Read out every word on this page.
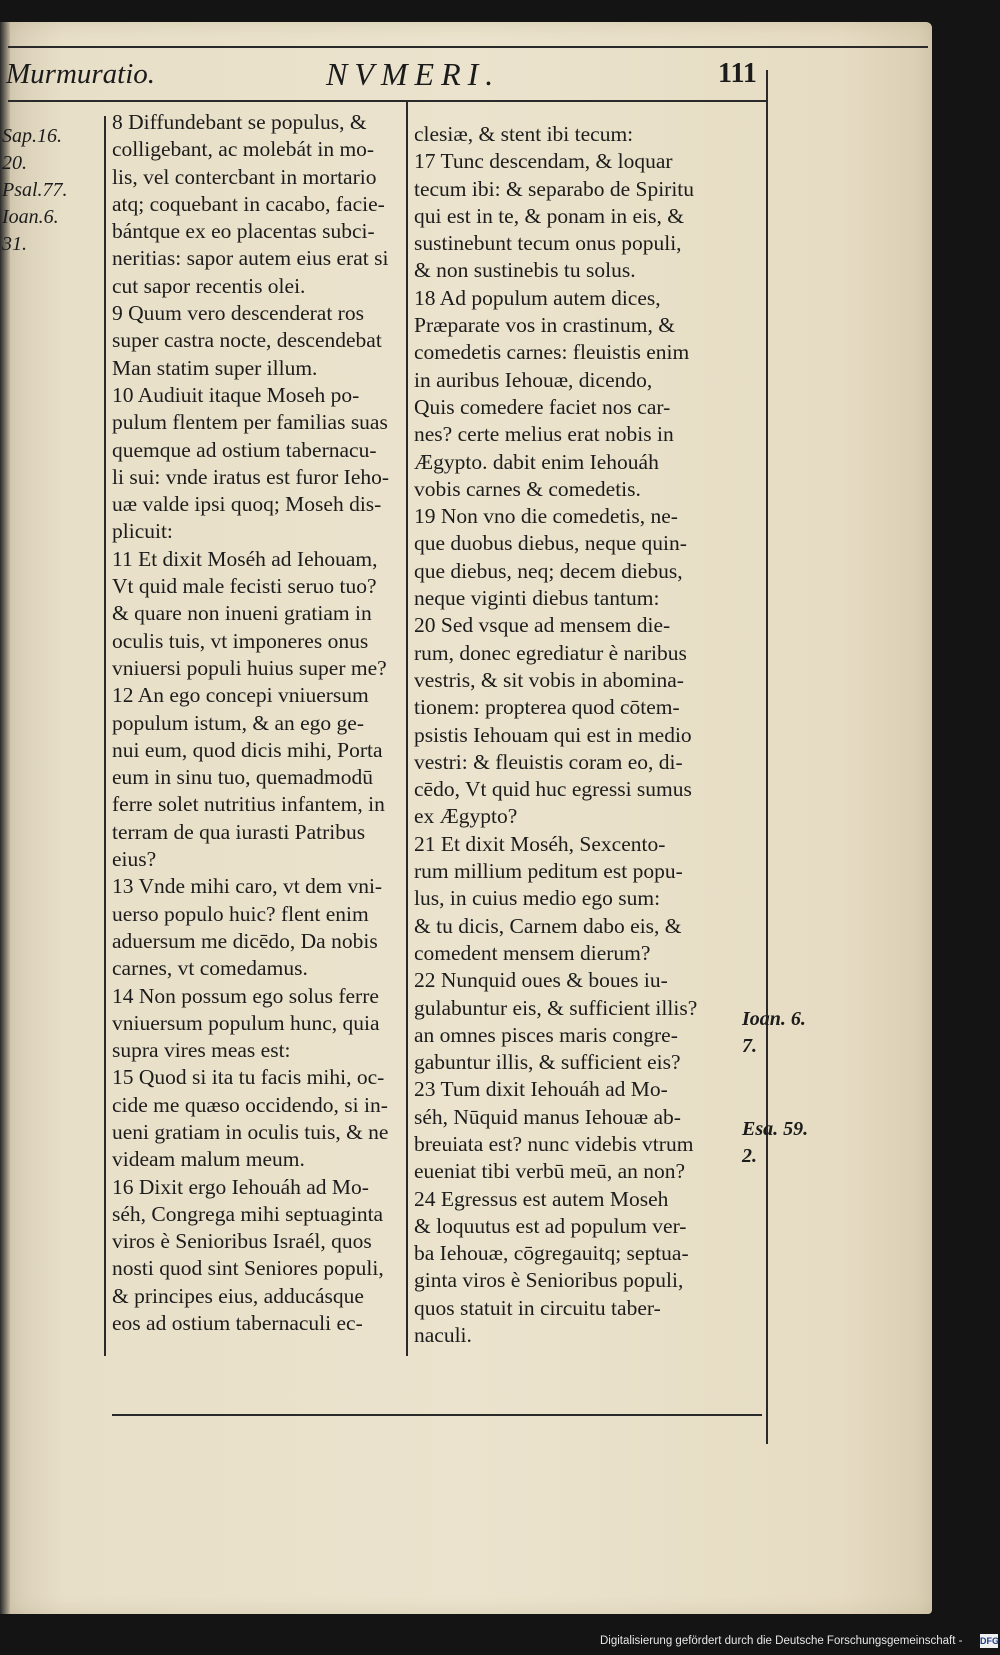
Murmuratio.	NVMERI.	111
Sap.16.
20.
Psal.77.
Ioan.6.
31.
Ioan. 6.
7.
Esa. 59.
2.
8 Diffundebant se populus, &
colligebant, ac molebát in mo-
lis, vel contercbant in mortario
atq; coquebant in cacabo, facie-
bántque ex eo placentas subci-
neritias: sapor autem eius erat si
cut sapor recentis olei.
9 Quum vero descenderat ros
super castra nocte, descendebat
Man statim super illum.
10 Audiuit itaque Moseh po-
pulum flentem per familias suas
quemque ad ostium tabernacu-
li sui: vnde iratus est furor Ieho-
uæ valde ipsi quoq; Moseh dis-
plicuit:
11 Et dixit Moséh ad Iehouam,
Vt quid male fecisti seruo tuo?
& quare non inueni gratiam in
oculis tuis, vt imponeres onus
vniuersi populi huius super me?
12 An ego concepi vniuersum
populum istum, & an ego ge-
nui eum, quod dicis mihi, Porta
eum in sinu tuo, quemadmodū
ferre solet nutritius infantem, in
terram de qua iurasti Patribus
eius?
13 Vnde mihi caro, vt dem vni-
uerso populo huic? flent enim
aduersum me dicēdo, Da nobis
carnes, vt comedamus.
14 Non possum ego solus ferre
vniuersum populum hunc, quia
supra vires meas est:
15 Quod si ita tu facis mihi, oc-
cide me quæso occidendo, si in-
ueni gratiam in oculis tuis, & ne
videam malum meum.
16 Dixit ergo Iehouáh ad Mo-
séh, Congrega mihi septuaginta
viros è Senioribus Israél, quos
nosti quod sint Seniores populi,
& principes eius, adducásque
eos ad ostium tabernaculi ec-
clesiæ, & stent ibi tecum:
17 Tunc descendam, & loquar
tecum ibi: & separabo de Spiritu
qui est in te, & ponam in eis, &
sustinebunt tecum onus populi,
& non sustinebis tu solus.
18 Ad populum autem dices,
Præparate vos in crastinum, &
comedetis carnes: fleuistis enim
in auribus Iehouæ, dicendo,
Quis comedere faciet nos car-
nes? certe melius erat nobis in
Ægypto. dabit enim Iehouáh
vobis carnes & comedetis.
19 Non vno die comedetis, ne-
que duobus diebus, neque quin-
que diebus, neq; decem diebus,
neque viginti diebus tantum:
20 Sed vsque ad mensem die-
rum, donec egrediatur è naribus
vestris, & sit vobis in abomina-
tionem: propterea quod cōtem-
psistis Iehouam qui est in medio
vestri: & fleuistis coram eo, di-
cēdo, Vt quid huc egressi sumus
ex Ægypto?
21 Et dixit Moséh, Sexcento-
rum millium peditum est popu-
lus, in cuius medio ego sum:
& tu dicis, Carnem dabo eis, &
comedent mensem dierum?
22 Nunquid oues & boues iu-
gulabuntur eis, & sufficient illis?
an omnes pisces maris congre-
gabuntur illis, & sufficient eis?
23 Tum dixit Iehouáh ad Mo-
séh, Nūquid manus Iehouæ ab-
breuiata est? nunc videbis vtrum
eueniat tibi verbū meū, an non?
24 Egressus est autem Moseh
& loquutus est ad populum ver-
ba Iehouæ, cōgregauitq; septua-
ginta viros è Senioribus populi,
quos statuit in circuitu taber-
naculi.
Digitalisierung gefördert durch die Deutsche Forschungsgemeinschaft - DFG
